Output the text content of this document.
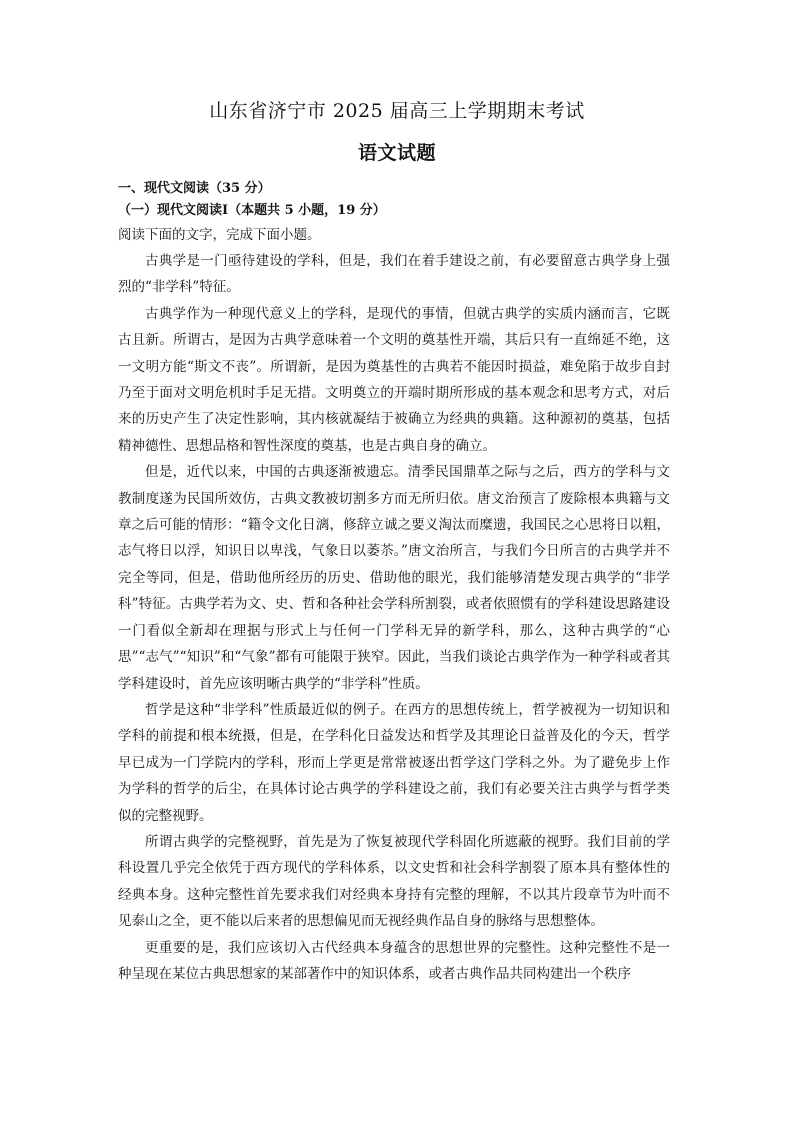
山东省济宁市 2025 届高三上学期期末考试
语文试题
一、现代文阅读（35 分）
（一）现代文阅读Ⅰ（本题共 5 小题，19 分）
阅读下面的文字，完成下面小题。

古典学是一门亟待建设的学科，但是，我们在着手建设之前，有必要留意古典学身上强烈的“非学科”特征。

古典学作为一种现代意义上的学科，是现代的事情，但就古典学的实质内涵而言，它既古且新。所谓古，是因为古典学意味着一个文明的奠基性开端，其后只有一直绵延不绝，这一文明方能“斯文不丧”。所谓新，是因为奠基性的古典若不能因时损益，难免陷于故步自封乃至于面对文明危机时手足无措。文明奠立的开端时期所形成的基本观念和思考方式，对后来的历史产生了决定性影响，其内核就凝结于被确立为经典的典籍。这种源初的奠基，包括精神德性、思想品格和智性深度的奠基，也是古典自身的确立。

但是，近代以来，中国的古典逐渐被遗忘。清季民国鼎革之际与之后，西方的学科与文教制度遂为民国所效仿，古典文教被切割多方而无所归依。唐文治预言了废除根本典籍与文章之后可能的情形：“籍令文化日漓，修辞立诚之要义淘汰而糜遗，我国民之心思将日以粗，志气将日以浮，知识日以卑浅，气象日以萎苶。”唐文治所言，与我们今日所言的古典学并不完全等同，但是，借助他所经历的历史、借助他的眼光，我们能够清楚发现古典学的“非学科”特征。古典学若为文、史、哲和各种社会学科所割裂，或者依照惯有的学科建设思路建设一门看似全新却在理据与形式上与任何一门学科无异的新学科，那么，这种古典学的“心思”“志气”“知识”和“气象”都有可能限于狭窄。因此，当我们谈论古典学作为一种学科或者其学科建设时，首先应该明晰古典学的“非学科”性质。

哲学是这种“非学科”性质最近似的例子。在西方的思想传统上，哲学被视为一切知识和学科的前提和根本统摄，但是，在学科化日益发达和哲学及其理论日益普及化的今天，哲学早已成为一门学院内的学科，形而上学更是常常被逐出哲学这门学科之外。为了避免步上作为学科的哲学的后尘，在具体讨论古典学的学科建设之前，我们有必要关注古典学与哲学类似的完整视野。

所谓古典学的完整视野，首先是为了恢复被现代学科固化所遮蔽的视野。我们目前的学科设置几乎完全依凭于西方现代的学科体系，以文史哲和社会科学割裂了原本具有整体性的经典本身。这种完整性首先要求我们对经典本身持有完整的理解，不以其片段章节为叶而不见泰山之全，更不能以后来者的思想偏见而无视经典作品自身的脉络与思想整体。

更重要的是，我们应该切入古代经典本身蕴含的思想世界的完整性。这种完整性不是一种呈现在某位古典思想家的某部著作中的知识体系，或者古典作品共同构建出一个秩序
